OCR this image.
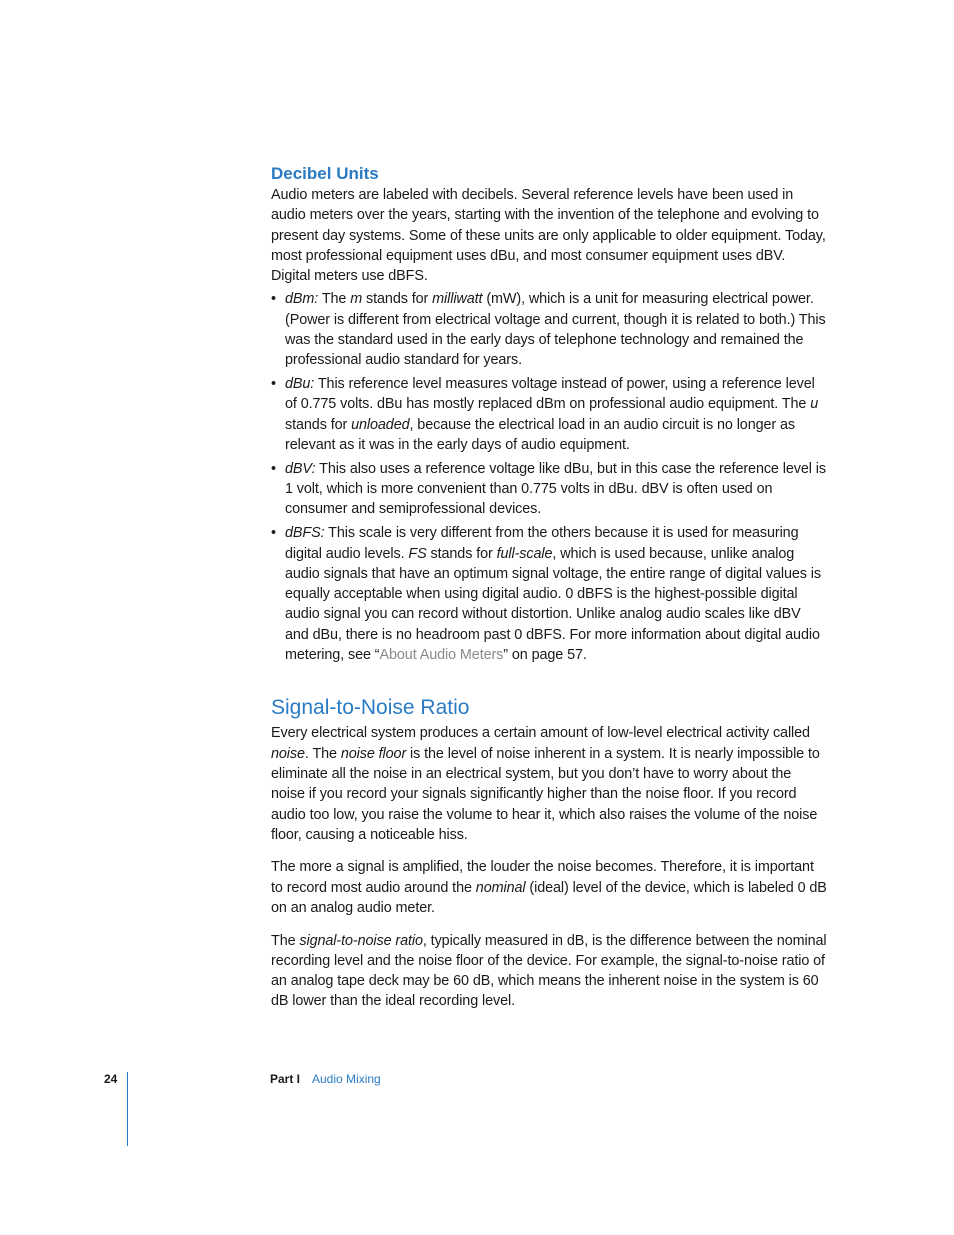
Decibel Units

Audio meters are labeled with decibels. Several reference levels have been used in audio meters over the years, starting with the invention of the telephone and evolving to present day systems. Some of these units are only applicable to older equipment. Today, most professional equipment uses dBu, and most consumer equipment uses dBV. Digital meters use dBFS.

• dBm: The m stands for milliwatt (mW), which is a unit for measuring electrical power. (Power is different from electrical voltage and current, though it is related to both.) This was the standard used in the early days of telephone technology and remained the professional audio standard for years.
• dBu: This reference level measures voltage instead of power, using a reference level of 0.775 volts. dBu has mostly replaced dBm on professional audio equipment. The u stands for unloaded, because the electrical load in an audio circuit is no longer as relevant as it was in the early days of audio equipment.
• dBV: This also uses a reference voltage like dBu, but in this case the reference level is 1 volt, which is more convenient than 0.775 volts in dBu. dBV is often used on consumer and semiprofessional devices.
• dBFS: This scale is very different from the others because it is used for measuring digital audio levels. FS stands for full-scale, which is used because, unlike analog audio signals that have an optimum signal voltage, the entire range of digital values is equally acceptable when using digital audio. 0 dBFS is the highest-possible digital audio signal you can record without distortion. Unlike analog audio scales like dBV and dBu, there is no headroom past 0 dBFS. For more information about digital audio metering, see “About Audio Meters” on page 57.
Signal-to-Noise Ratio

Every electrical system produces a certain amount of low-level electrical activity called noise. The noise floor is the level of noise inherent in a system. It is nearly impossible to eliminate all the noise in an electrical system, but you don’t have to worry about the noise if you record your signals significantly higher than the noise floor. If you record audio too low, you raise the volume to hear it, which also raises the volume of the noise floor, causing a noticeable hiss.

The more a signal is amplified, the louder the noise becomes. Therefore, it is important to record most audio around the nominal (ideal) level of the device, which is labeled 0 dB on an analog audio meter.

The signal-to-noise ratio, typically measured in dB, is the difference between the nominal recording level and the noise floor of the device. For example, the signal-to-noise ratio of an analog tape deck may be 60 dB, which means the inherent noise in the system is 60 dB lower than the ideal recording level.

24	Part I Audio Mixing
